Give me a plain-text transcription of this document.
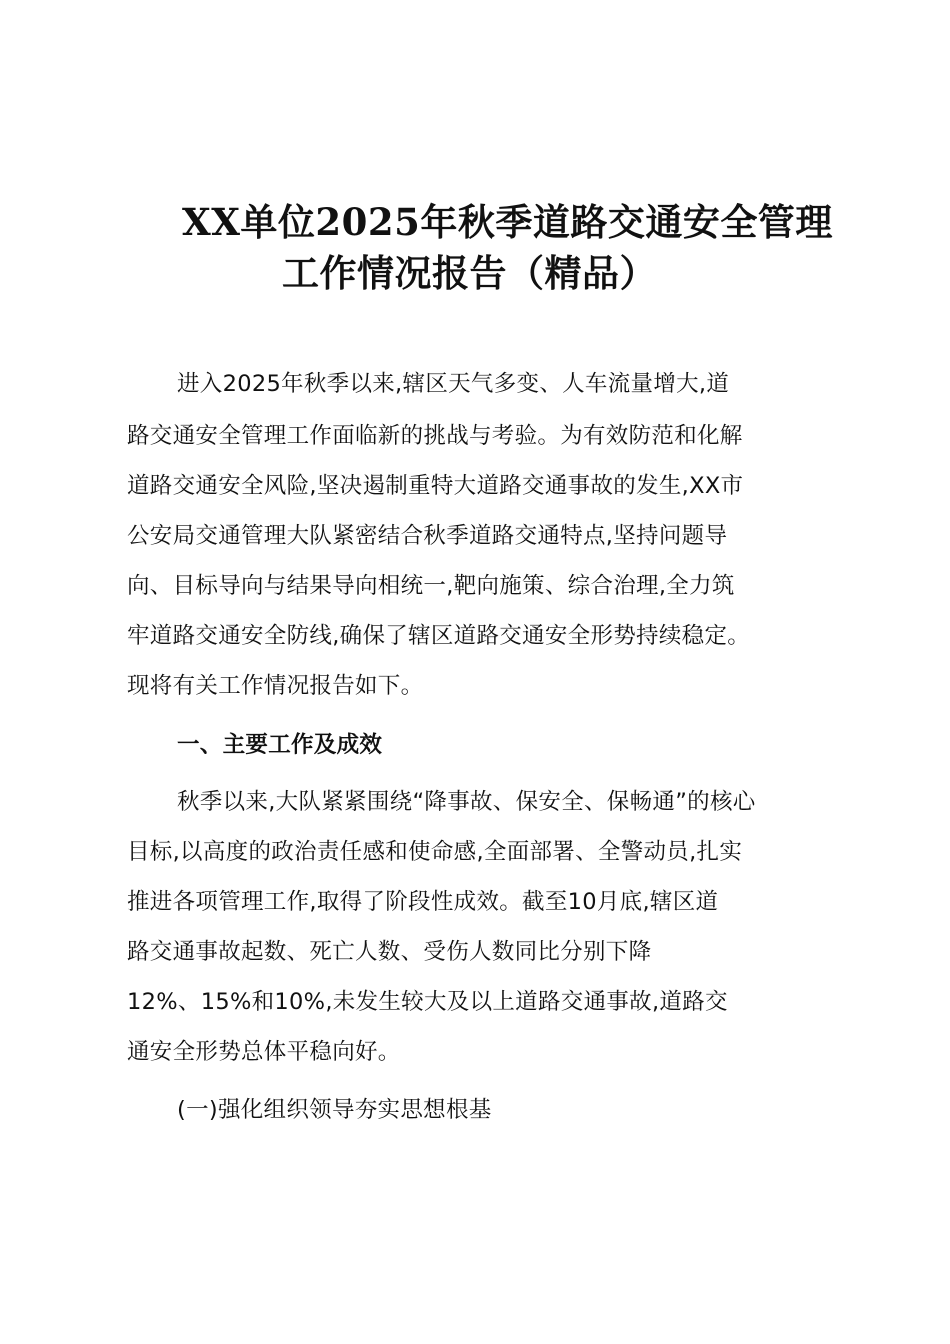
XX单位2025年秋季道路交通安全管理
工作情况报告（精品）
进入2025年秋季以来,辖区天气多变、人车流量增大,道
路交通安全管理工作面临新的挑战与考验。为有效防范和化解
道路交通安全风险,坚决遏制重特大道路交通事故的发生,XX市
公安局交通管理大队紧密结合秋季道路交通特点,坚持问题导
向、目标导向与结果导向相统一,靶向施策、综合治理,全力筑
牢道路交通安全防线,确保了辖区道路交通安全形势持续稳定。
现将有关工作情况报告如下。
一、主要工作及成效
秋季以来,大队紧紧围绕“降事故、保安全、保畅通”的核心
目标,以高度的政治责任感和使命感,全面部署、全警动员,扎实
推进各项管理工作,取得了阶段性成效。截至10月底,辖区道
路交通事故起数、死亡人数、受伤人数同比分别下降
12%、15%和10%,未发生较大及以上道路交通事故,道路交
通安全形势总体平稳向好。
(一)强化组织领导夯实思想根基
